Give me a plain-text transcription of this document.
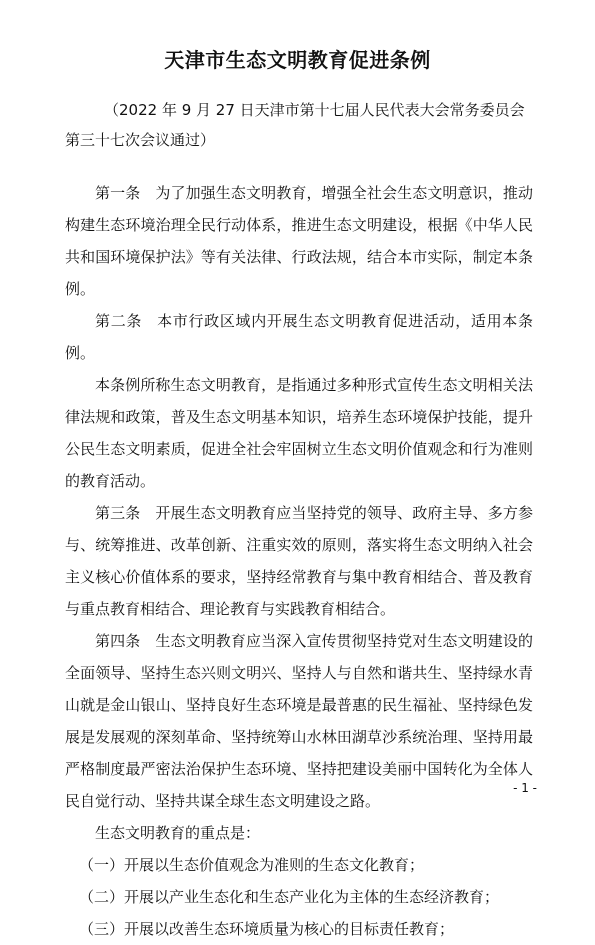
天津市生态文明教育促进条例
（2022 年 9 月 27 日天津市第十七届人民代表大会常务委员会
第三十七次会议通过）

第一条 为了加强生态文明教育，增强全社会生态文明意识，推动构建生态环境治理全民行动体系，推进生态文明建设，根据《中华人民共和国环境保护法》等有关法律、行政法规，结合本市实际，制定本条例。

第二条 本市行政区域内开展生态文明教育促进活动，适用本条例。

本条例所称生态文明教育，是指通过多种形式宣传生态文明相关法律法规和政策，普及生态文明基本知识，培养生态环境保护技能，提升公民生态文明素质，促进全社会牢固树立生态文明价值观念和行为准则的教育活动。

第三条 开展生态文明教育应当坚持党的领导、政府主导、多方参与、统筹推进、改革创新、注重实效的原则，落实将生态文明纳入社会主义核心价值体系的要求，坚持经常教育与集中教育相结合、普及教育与重点教育相结合、理论教育与实践教育相结合。

第四条 生态文明教育应当深入宣传贯彻坚持党对生态文明建设的全面领导、坚持生态兴则文明兴、坚持人与自然和谐共生、坚持绿水青山就是金山银山、坚持良好生态环境是最普惠的民生福祉、坚持绿色发展是发展观的深刻革命、坚持统筹山水林田湖草沙系统治理、坚持用最严格制度最严密法治保护生态环境、坚持把建设美丽中国转化为全体人民自觉行动、坚持共谋全球生态文明建设之路。

生态文明教育的重点是：

（一）开展以生态价值观念为准则的生态文化教育；

（二）开展以产业生态化和生态产业化为主体的生态经济教育；

（三）开展以改善生态环境质量为核心的目标责任教育；

- 1 -
